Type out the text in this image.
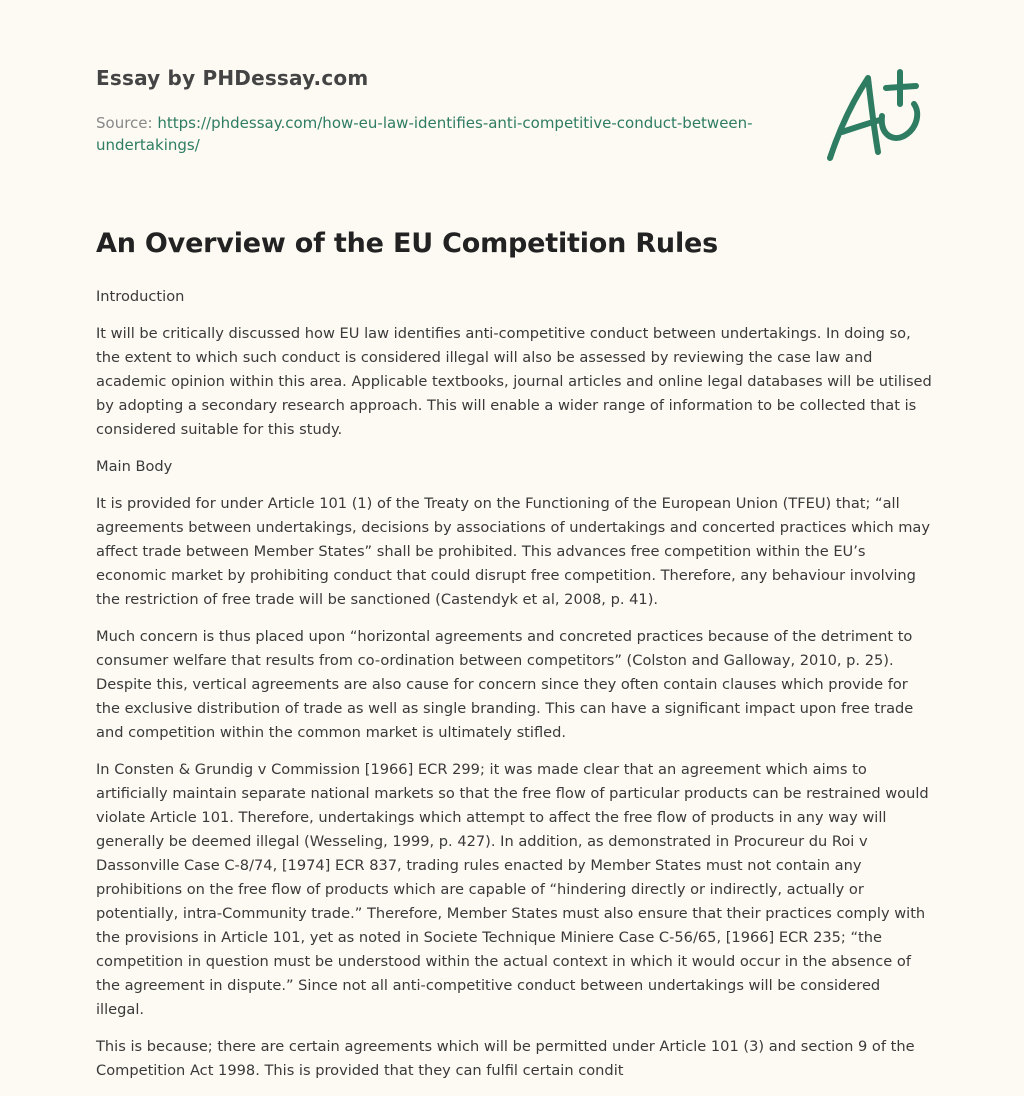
Essay by PHDessay.com
Source: https://phdessay.com/how-eu-law-identifies-anti-competitive-conduct-between-undertakings/
An Overview of the EU Competition Rules

Introduction

It will be critically discussed how EU law identifies anti-competitive conduct between undertakings. In doing so, the extent to which such conduct is considered illegal will also be assessed by reviewing the case law and academic opinion within this area. Applicable textbooks, journal articles and online legal databases will be utilised by adopting a secondary research approach. This will enable a wider range of information to be collected that is considered suitable for this study.

Main Body

It is provided for under Article 101 (1) of the Treaty on the Functioning of the European Union (TFEU) that; “all agreements between undertakings, decisions by associations of undertakings and concerted practices which may affect trade between Member States” shall be prohibited. This advances free competition within the EU’s economic market by prohibiting conduct that could disrupt free competition. Therefore, any behaviour involving the restriction of free trade will be sanctioned (Castendyk et al, 2008, p. 41).

Much concern is thus placed upon “horizontal agreements and concreted practices because of the detriment to consumer welfare that results from co-ordination between competitors” (Colston and Galloway, 2010, p. 25). Despite this, vertical agreements are also cause for concern since they often contain clauses which provide for the exclusive distribution of trade as well as single branding. This can have a significant impact upon free trade and competition within the common market is ultimately stifled.

In Consten & Grundig v Commission [1966] ECR 299; it was made clear that an agreement which aims to artificially maintain separate national markets so that the free flow of particular products can be restrained would violate Article 101. Therefore, undertakings which attempt to affect the free flow of products in any way will generally be deemed illegal (Wesseling, 1999, p. 427). In addition, as demonstrated in Procureur du Roi v Dassonville Case C-8/74, [1974] ECR 837, trading rules enacted by Member States must not contain any prohibitions on the free flow of products which are capable of “hindering directly or indirectly, actually or potentially, intra-Community trade.” Therefore, Member States must also ensure that their practices comply with the provisions in Article 101, yet as noted in Societe Technique Miniere Case C-56/65, [1966] ECR 235; “the competition in question must be understood within the actual context in which it would occur in the absence of the agreement in dispute.” Since not all anti-competitive conduct between undertakings will be considered illegal.

This is because; there are certain agreements which will be permitted under Article 101 (3) and section 9 of the Competition Act 1998. This is provided that they can fulfil certain condit
